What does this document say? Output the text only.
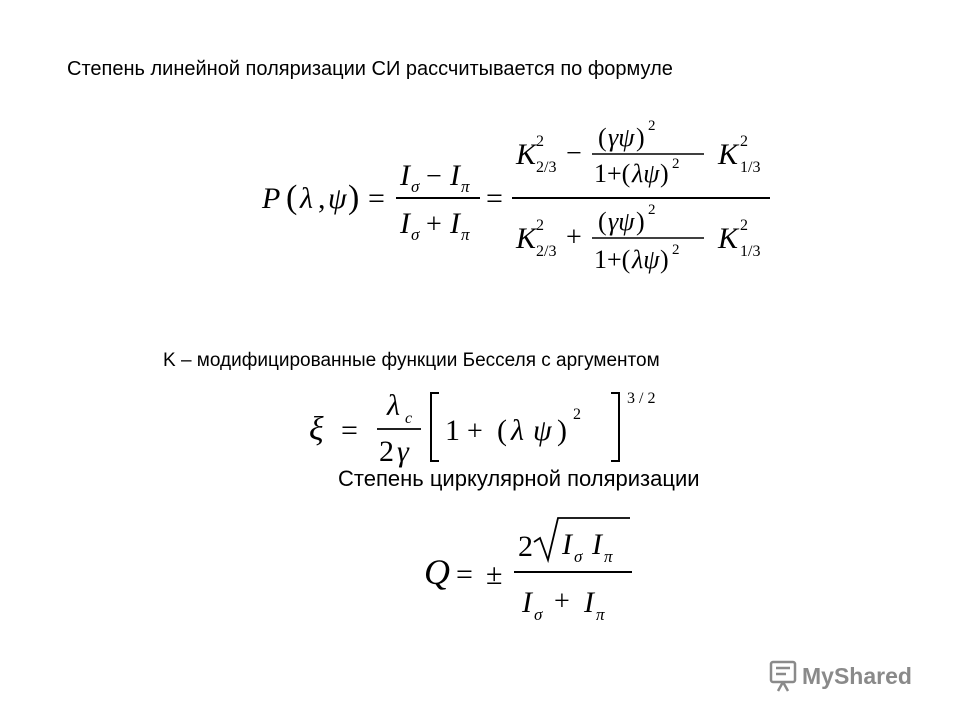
Степень линейной поляризации СИ рассчитывается по формуле
P ( λ , ψ ) =
I σ − I π
I σ + I π
=
K 2
2/3 −
( γψ ) 2
1+( λψ ) 2 K 2
1/3
K 2
2/3 +
( γψ ) 2
1+( λψ ) 2 K 2
1/3
K – модифицированные функции Бесселя с аргументом
ξ =
λ c
2 γ
1 + ( λ ψ ) 2
3 / 2
Степень циркулярной поляризации
Q = ±
2 I σ I π
I σ + I π
MyShared
